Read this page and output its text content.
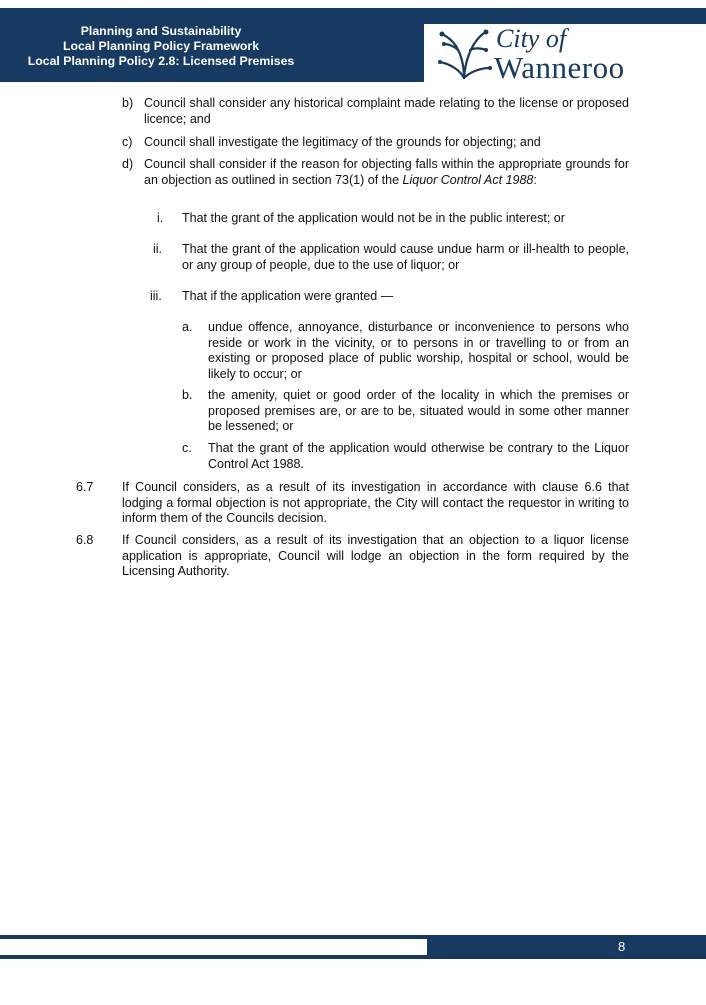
Planning and Sustainability
Local Planning Policy Framework
Local Planning Policy 2.8: Licensed Premises
City of
Wanneroo
b) Council shall consider any historical complaint made relating to the license or proposed licence; and
c) Council shall investigate the legitimacy of the grounds for objecting; and
d) Council shall consider if the reason for objecting falls within the appropriate grounds for an objection as outlined in section 73(1) of the Liquor Control Act 1988:
i. That the grant of the application would not be in the public interest; or
ii. That the grant of the application would cause undue harm or ill-health to people, or any group of people, due to the use of liquor; or
iii. That if the application were granted —
a. undue offence, annoyance, disturbance or inconvenience to persons who reside or work in the vicinity, or to persons in or travelling to or from an existing or proposed place of public worship, hospital or school, would be likely to occur; or
b. the amenity, quiet or good order of the locality in which the premises or proposed premises are, or are to be, situated would in some other manner be lessened; or
c. That the grant of the application would otherwise be contrary to the Liquor Control Act 1988.
6.7 If Council considers, as a result of its investigation in accordance with clause 6.6 that lodging a formal objection is not appropriate, the City will contact the requestor in writing to inform them of the Councils decision.
6.8 If Council considers, as a result of its investigation that an objection to a liquor license application is appropriate, Council will lodge an objection in the form required by the Licensing Authority.
8
